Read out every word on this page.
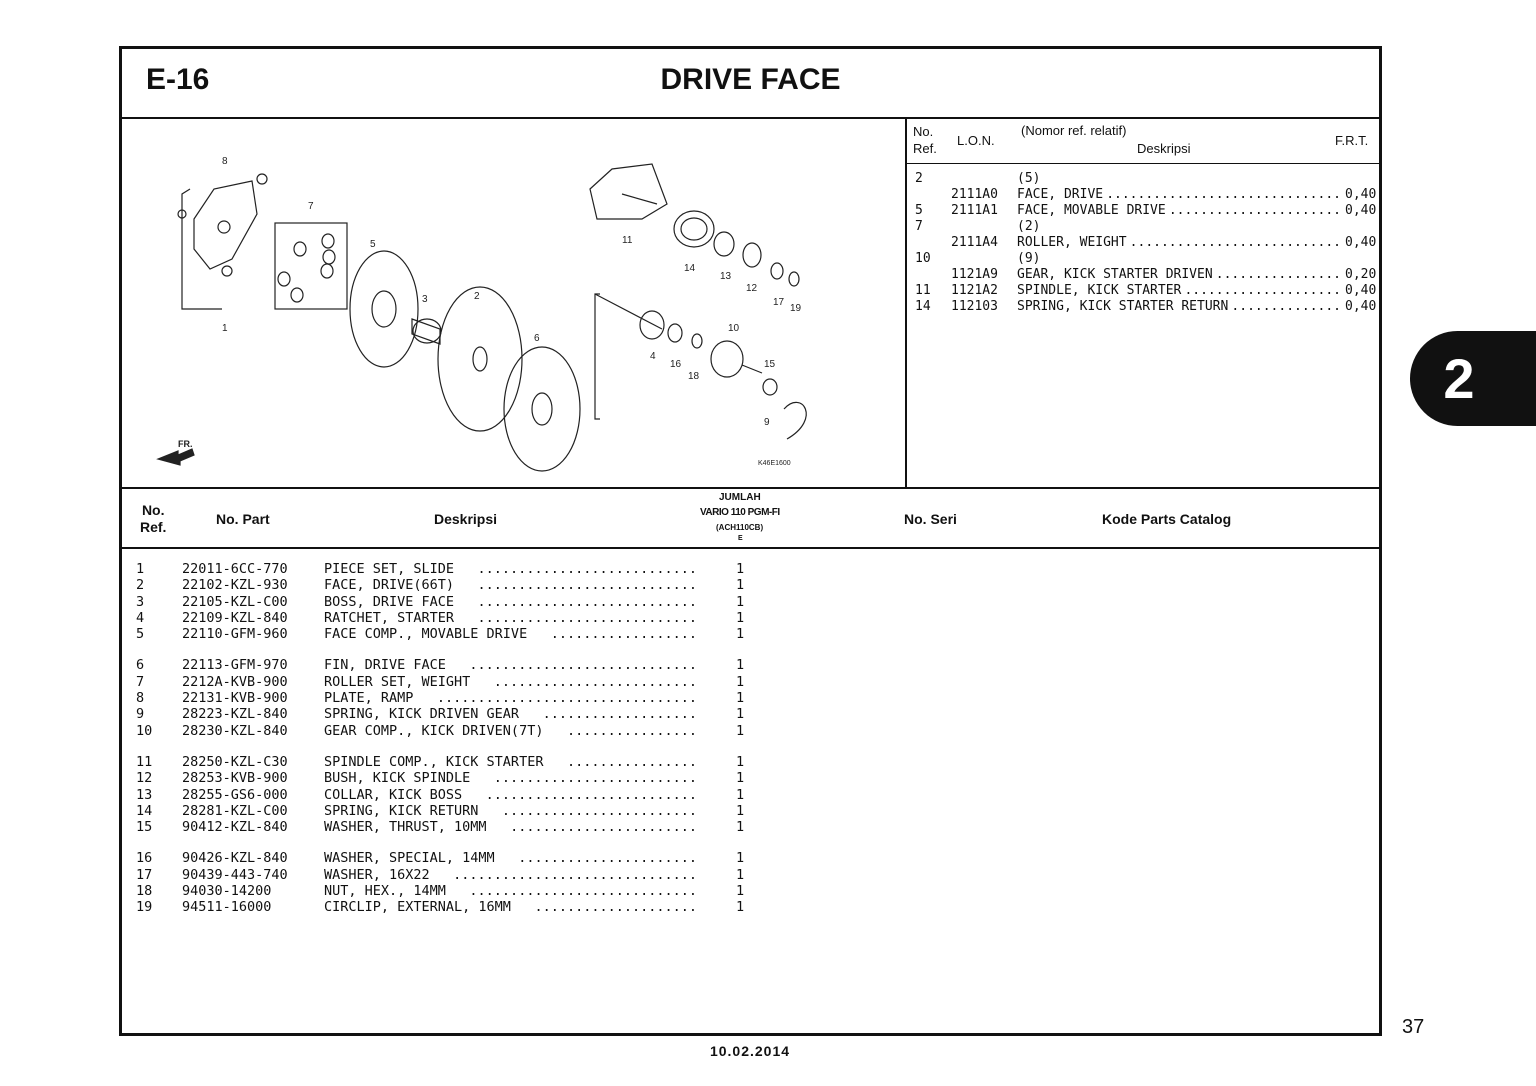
E-16	DRIVE FACE
8
7
5
3	2
1
6
11
14
13
12
17
19
10
4
16
18
15
9
FR.
K46E1600
No.
Ref.
L.O.N.
(Nomor ref. relatif)
Deskripsi
F.R.T.
2	(5)
2111A0 FACE, DRIVE	0,40
..............................
5 2111A1 FACE, MOVABLE DRIVE	0,40
......................
7	(2)
2111A4 ROLLER, WEIGHT	0,40
...........................
10	(9)
1121A9 GEAR, KICK STARTER DRIVEN	0,20
................
11 1121A2 SPINDLE, KICK STARTER	0,40
....................
14 112103 SPRING, KICK STARTER RETURN	0,40
..............
No.
Ref.	No. Part	Deskripsi
JUMLAH
VARIO 110 PGM-FI
(ACH110CB)
E
No. Seri	Kode Parts Catalog
1	22011-6CC-770	PIECE SET, SLIDE	1
...........................
2	22102-KZL-930	FACE, DRIVE(66T)	1
...........................
3	22105-KZL-C00	BOSS, DRIVE FACE	1
...........................
4	22109-KZL-840	RATCHET, STARTER	1
...........................
5	22110-GFM-960	FACE COMP., MOVABLE DRIVE	1
..................
6	22113-GFM-970	FIN, DRIVE FACE	1
............................
7	2212A-KVB-900	ROLLER SET, WEIGHT	1
.........................
8	22131-KVB-900	PLATE, RAMP	1
................................
9	28223-KZL-840	SPRING, KICK DRIVEN GEAR	1
...................
10 28230-KZL-840	GEAR COMP., KICK DRIVEN(7T)	1
................
11 28250-KZL-C30	SPINDLE COMP., KICK STARTER	1
................
12 28253-KVB-900	BUSH, KICK SPINDLE	1
.........................
13 28255-GS6-000	COLLAR, KICK BOSS	1
..........................
14 28281-KZL-C00	SPRING, KICK RETURN	1
........................
15 90412-KZL-840	WASHER, THRUST, 10MM	1
.......................
16 90426-KZL-840	WASHER, SPECIAL, 14MM	1
......................
17 90439-443-740	WASHER, 16X22	1
..............................
18 94030-14200	NUT, HEX., 14MM	1
............................
19 94511-16000	CIRCLIP, EXTERNAL, 16MM	1
....................
2
37
10.02.2014
